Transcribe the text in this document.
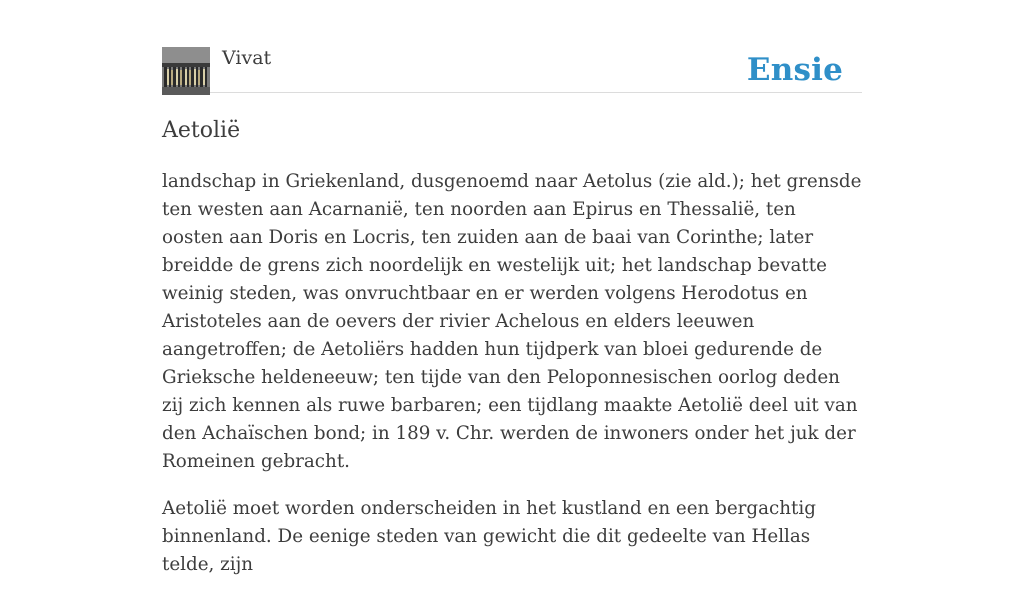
Vivat	Ensie
Aetolië

landschap in Griekenland, dusgenoemd naar Aetolus (zie ald.); het grensde ten westen aan Acarnanië, ten noorden aan Epirus en Thessalië, ten oosten aan Doris en Locris, ten zuiden aan de baai van Corinthe; later breidde de grens zich noordelijk en westelijk uit; het landschap bevatte weinig steden, was onvruchtbaar en er werden volgens Herodotus en Aristoteles aan de oevers der rivier Achelous en elders leeuwen aangetroffen; de Aetoliërs hadden hun tijdperk van bloei gedurende de Grieksche heldeneeuw; ten tijde van den Peloponnesischen oorlog deden zij zich kennen als ruwe barbaren; een tijdlang maakte Aetolië deel uit van den Achaïschen bond; in 189 v. Chr. werden de inwoners onder het juk der Romeinen gebracht.

Aetolië moet worden onderscheiden in het kustland en een bergachtig binnenland. De eenige steden van gewicht die dit gedeelte van Hellas telde, zijn
